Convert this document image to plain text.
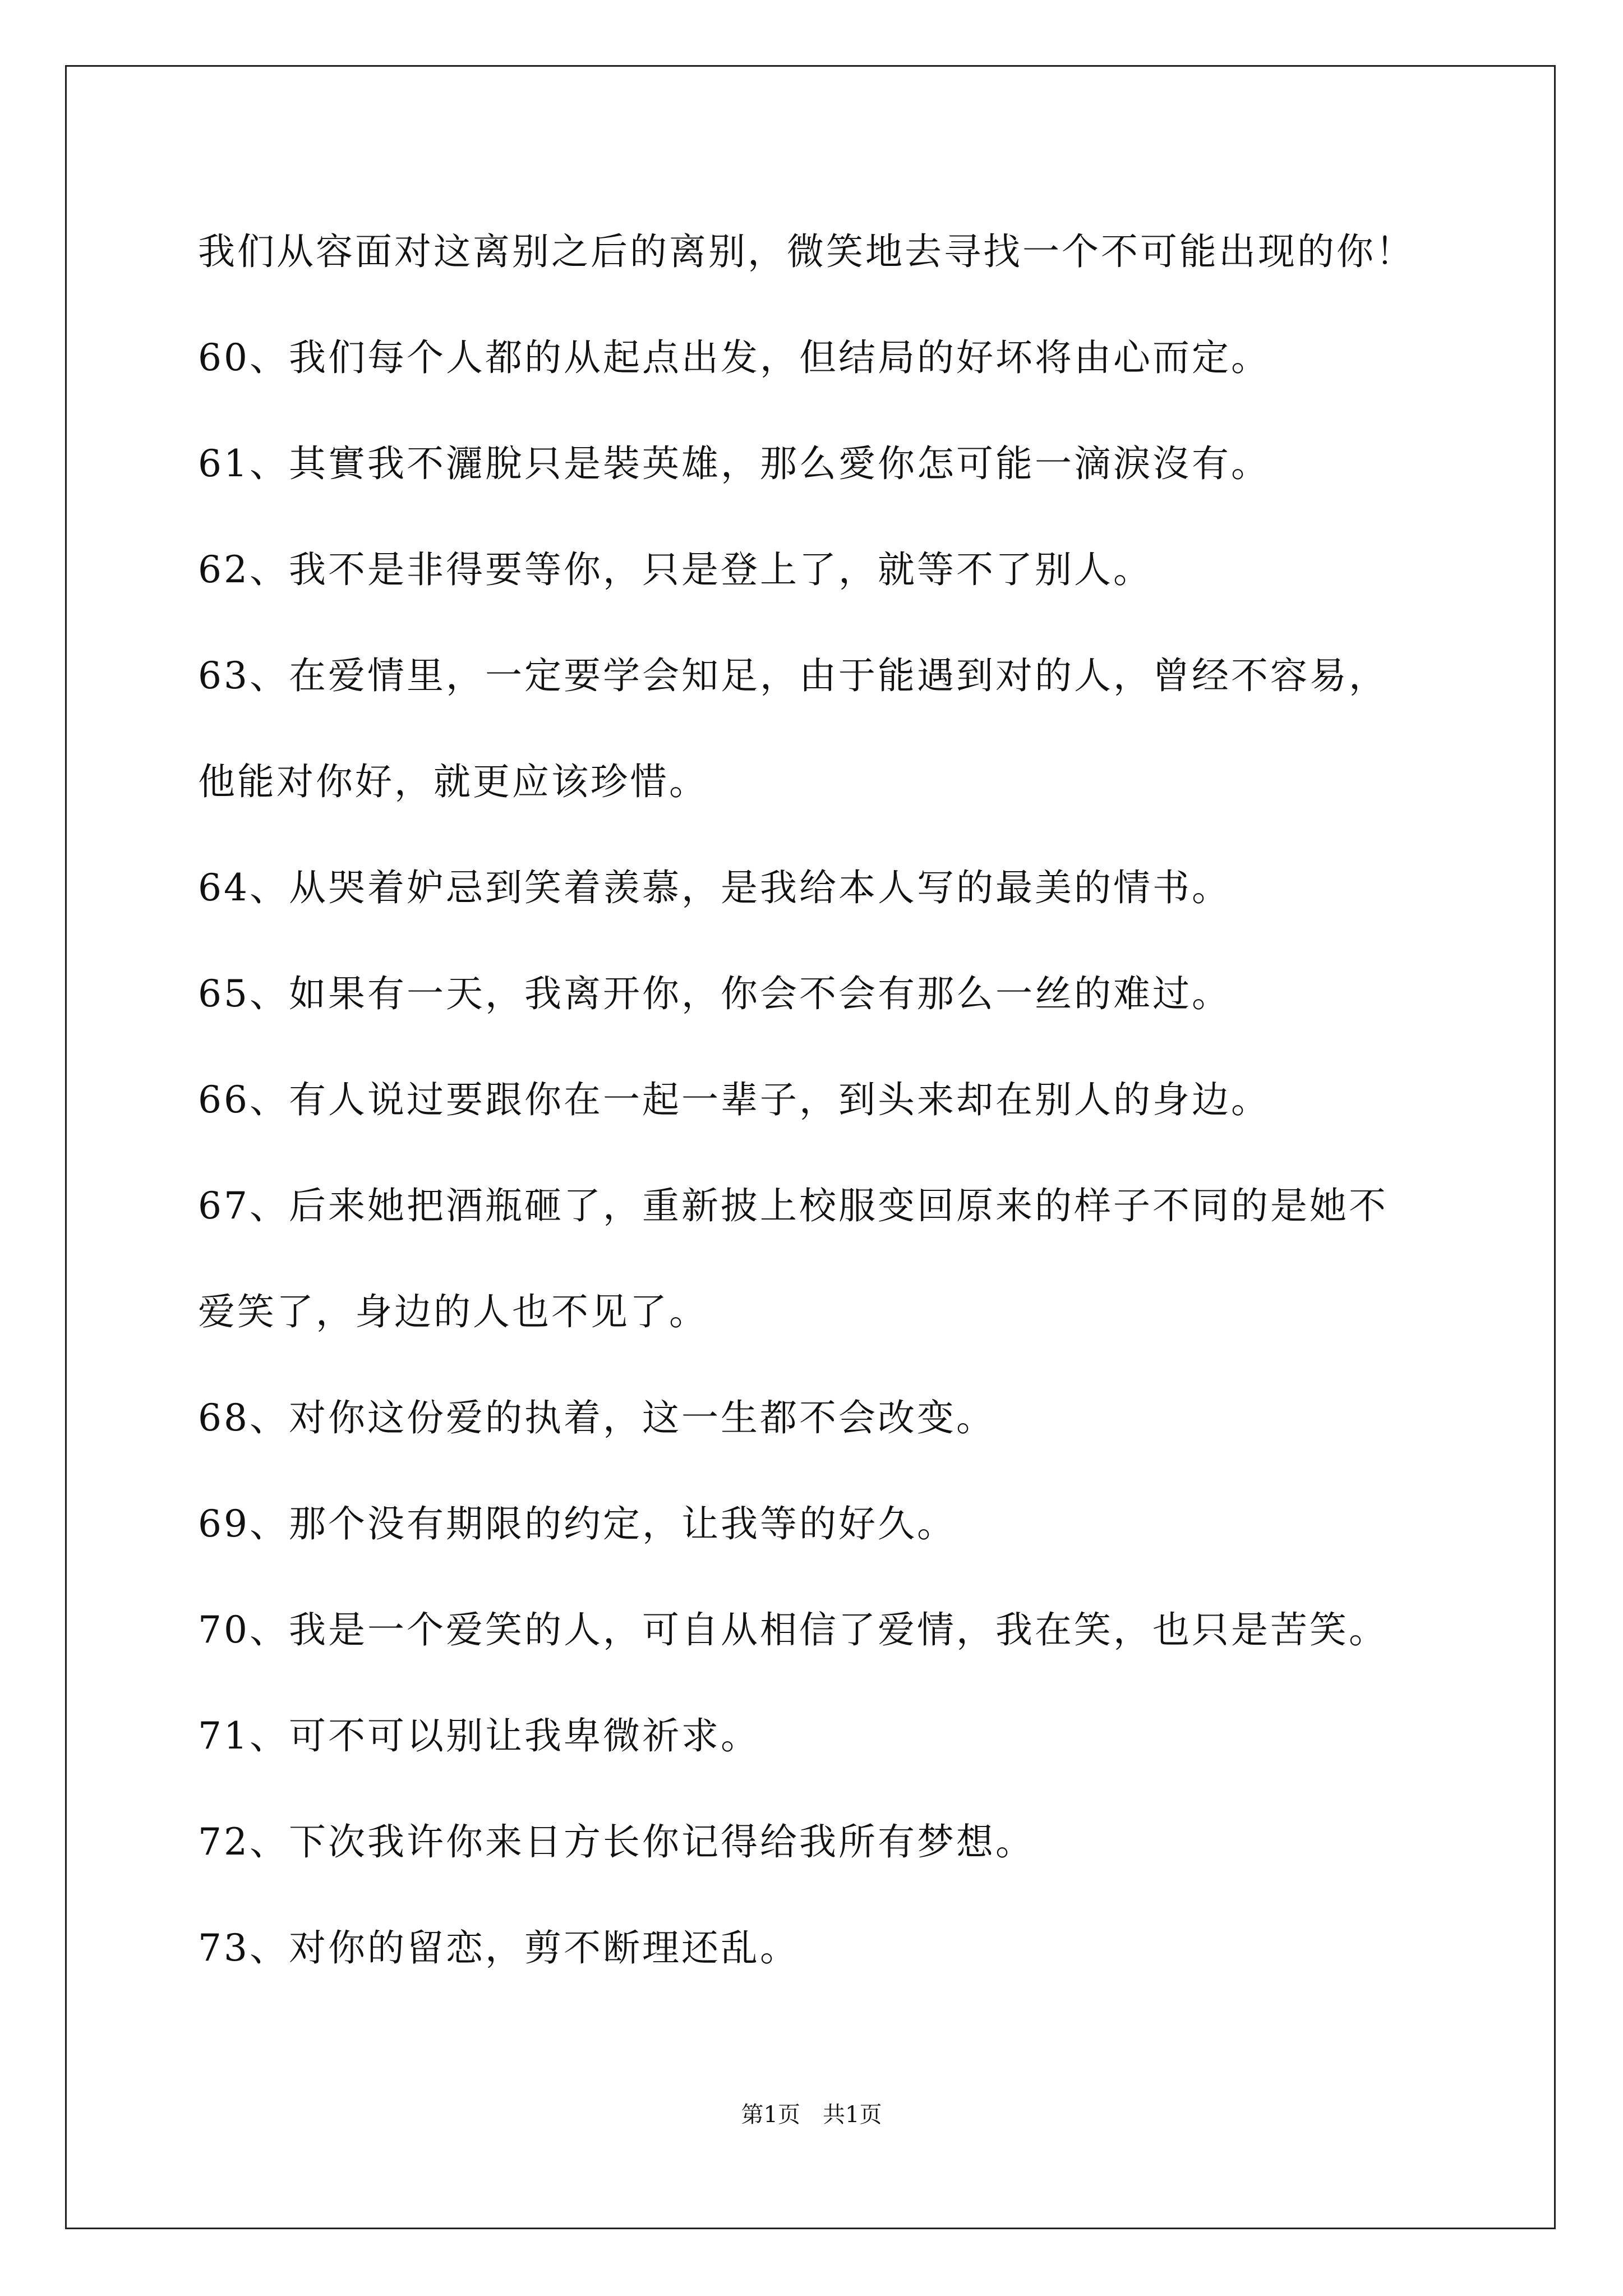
我们从容面对这离别之后的离别，微笑地去寻找一个不可能出现的你！
60、我们每个人都的从起点出发，但结局的好坏将由心而定。
61、其實我不灑脫只是裝英雄，那么愛你怎可能一滴淚沒有。
62、我不是非得要等你，只是登上了，就等不了别人。
63、在爱情里，一定要学会知足，由于能遇到对的人，曾经不容易，
他能对你好，就更应该珍惜。
64、从哭着妒忌到笑着羡慕，是我给本人写的最美的情书。
65、如果有一天，我离开你，你会不会有那么一丝的难过。
66、有人说过要跟你在一起一辈子，到头来却在别人的身边。
67、后来她把酒瓶砸了，重新披上校服变回原来的样子不同的是她不
爱笑了，身边的人也不见了。
68、对你这份爱的执着，这一生都不会改变。
69、那个没有期限的约定，让我等的好久。
70、我是一个爱笑的人，可自从相信了爱情，我在笑，也只是苦笑。
71、可不可以别让我卑微祈求。
72、下次我许你来日方长你记得给我所有梦想。
73、对你的留恋，剪不断理还乱。
第1页　共1页
